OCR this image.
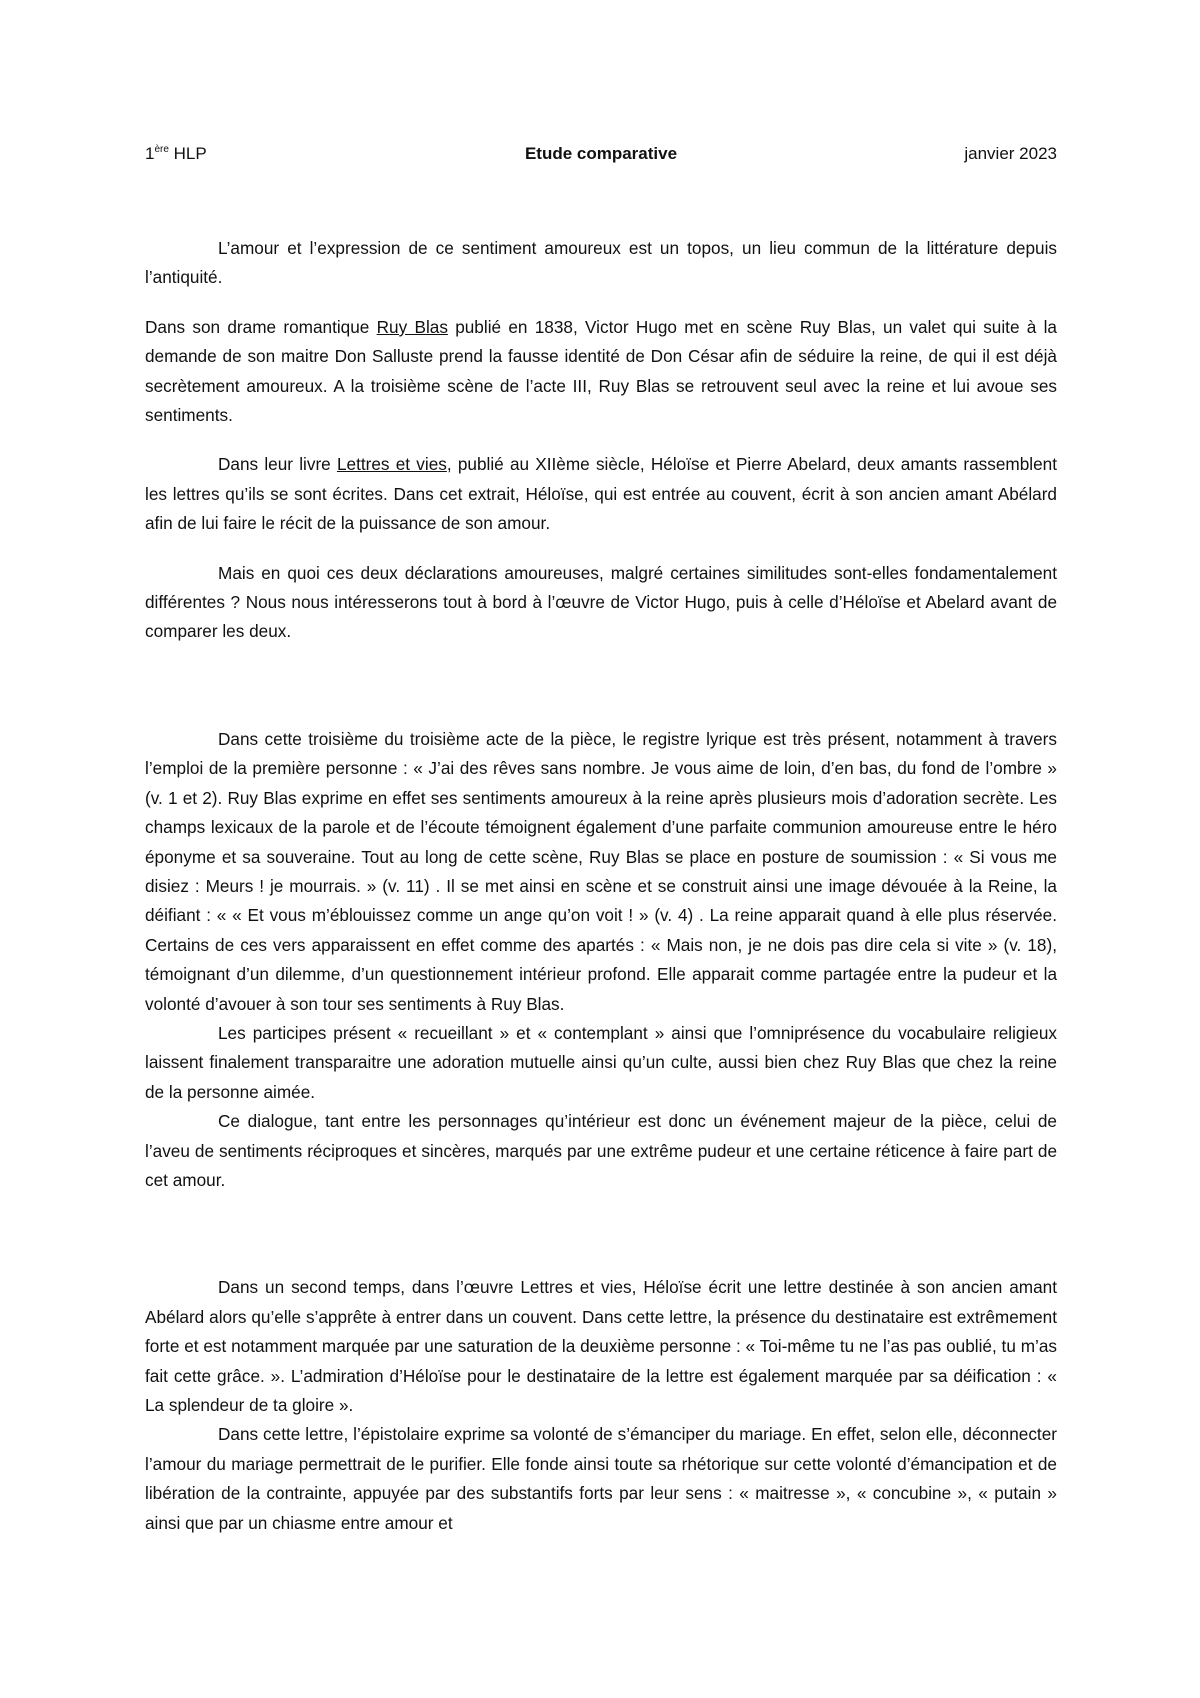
1ère HLP	Etude comparative	janvier 2023

L’amour et l’expression de ce sentiment amoureux est un topos, un lieu commun de la littérature depuis l’antiquité.

Dans son drame romantique Ruy Blas publié en 1838, Victor Hugo met en scène Ruy Blas, un valet qui suite à la demande de son maitre Don Salluste prend la fausse identité de Don César afin de séduire la reine, de qui il est déjà secrètement amoureux. A la troisième scène de l’acte III, Ruy Blas se retrouvent seul avec la reine et lui avoue ses sentiments.

Dans leur livre Lettres et vies, publié au XIIème siècle, Héloïse et Pierre Abelard, deux amants rassemblent les lettres qu’ils se sont écrites. Dans cet extrait, Héloïse, qui est entrée au couvent, écrit à son ancien amant Abélard afin de lui faire le récit de la puissance de son amour.

Mais en quoi ces deux déclarations amoureuses, malgré certaines similitudes sont-elles fondamentalement différentes ? Nous nous intéresserons tout à bord à l’œuvre de Victor Hugo, puis à celle d’Héloïse et Abelard avant de comparer les deux.

Dans cette troisième du troisième acte de la pièce, le registre lyrique est très présent, notamment à travers l’emploi de la première personne : « J’ai des rêves sans nombre. Je vous aime de loin, d’en bas, du fond de l’ombre » (v. 1 et 2). Ruy Blas exprime en effet ses sentiments amoureux à la reine après plusieurs mois d’adoration secrète. Les champs lexicaux de la parole et de l’écoute témoignent également d’une parfaite communion amoureuse entre le héro éponyme et sa souveraine. Tout au long de cette scène, Ruy Blas se place en posture de soumission : « Si vous me disiez : Meurs ! je mourrais. » (v. 11) . Il se met ainsi en scène et se construit ainsi une image dévouée à la Reine, la déifiant : « « Et vous m’éblouissez comme un ange qu’on voit ! » (v. 4) . La reine apparait quand à elle plus réservée. Certains de ces vers apparaissent en effet comme des apartés : « Mais non, je ne dois pas dire cela si vite » (v. 18), témoignant d’un dilemme, d’un questionnement intérieur profond. Elle apparait comme partagée entre la pudeur et la volonté d’avouer à son tour ses sentiments à Ruy Blas.

Les participes présent « recueillant » et « contemplant » ainsi que l’omniprésence du vocabulaire religieux laissent finalement transparaitre une adoration mutuelle ainsi qu’un culte, aussi bien chez Ruy Blas que chez la reine de la personne aimée.

Ce dialogue, tant entre les personnages qu’intérieur est donc un événement majeur de la pièce, celui de l’aveu de sentiments réciproques et sincères, marqués par une extrême pudeur et une certaine réticence à faire part de cet amour.

Dans un second temps, dans l’œuvre Lettres et vies, Héloïse écrit une lettre destinée à son ancien amant Abélard alors qu’elle s’apprête à entrer dans un couvent. Dans cette lettre, la présence du destinataire est extrêmement forte et est notamment marquée par une saturation de la deuxième personne : « Toi-même tu ne l’as pas oublié, tu m’as fait cette grâce. ». L’admiration d’Héloïse pour le destinataire de la lettre est également marquée par sa déification : « La splendeur de ta gloire ».

Dans cette lettre, l’épistolaire exprime sa volonté de s’émanciper du mariage. En effet, selon elle, déconnecter l’amour du mariage permettrait de le purifier. Elle fonde ainsi toute sa rhétorique sur cette volonté d’émancipation et de libération de la contrainte, appuyée par des substantifs forts par leur sens : « maitresse », « concubine », « putain » ainsi que par un chiasme entre amour et
